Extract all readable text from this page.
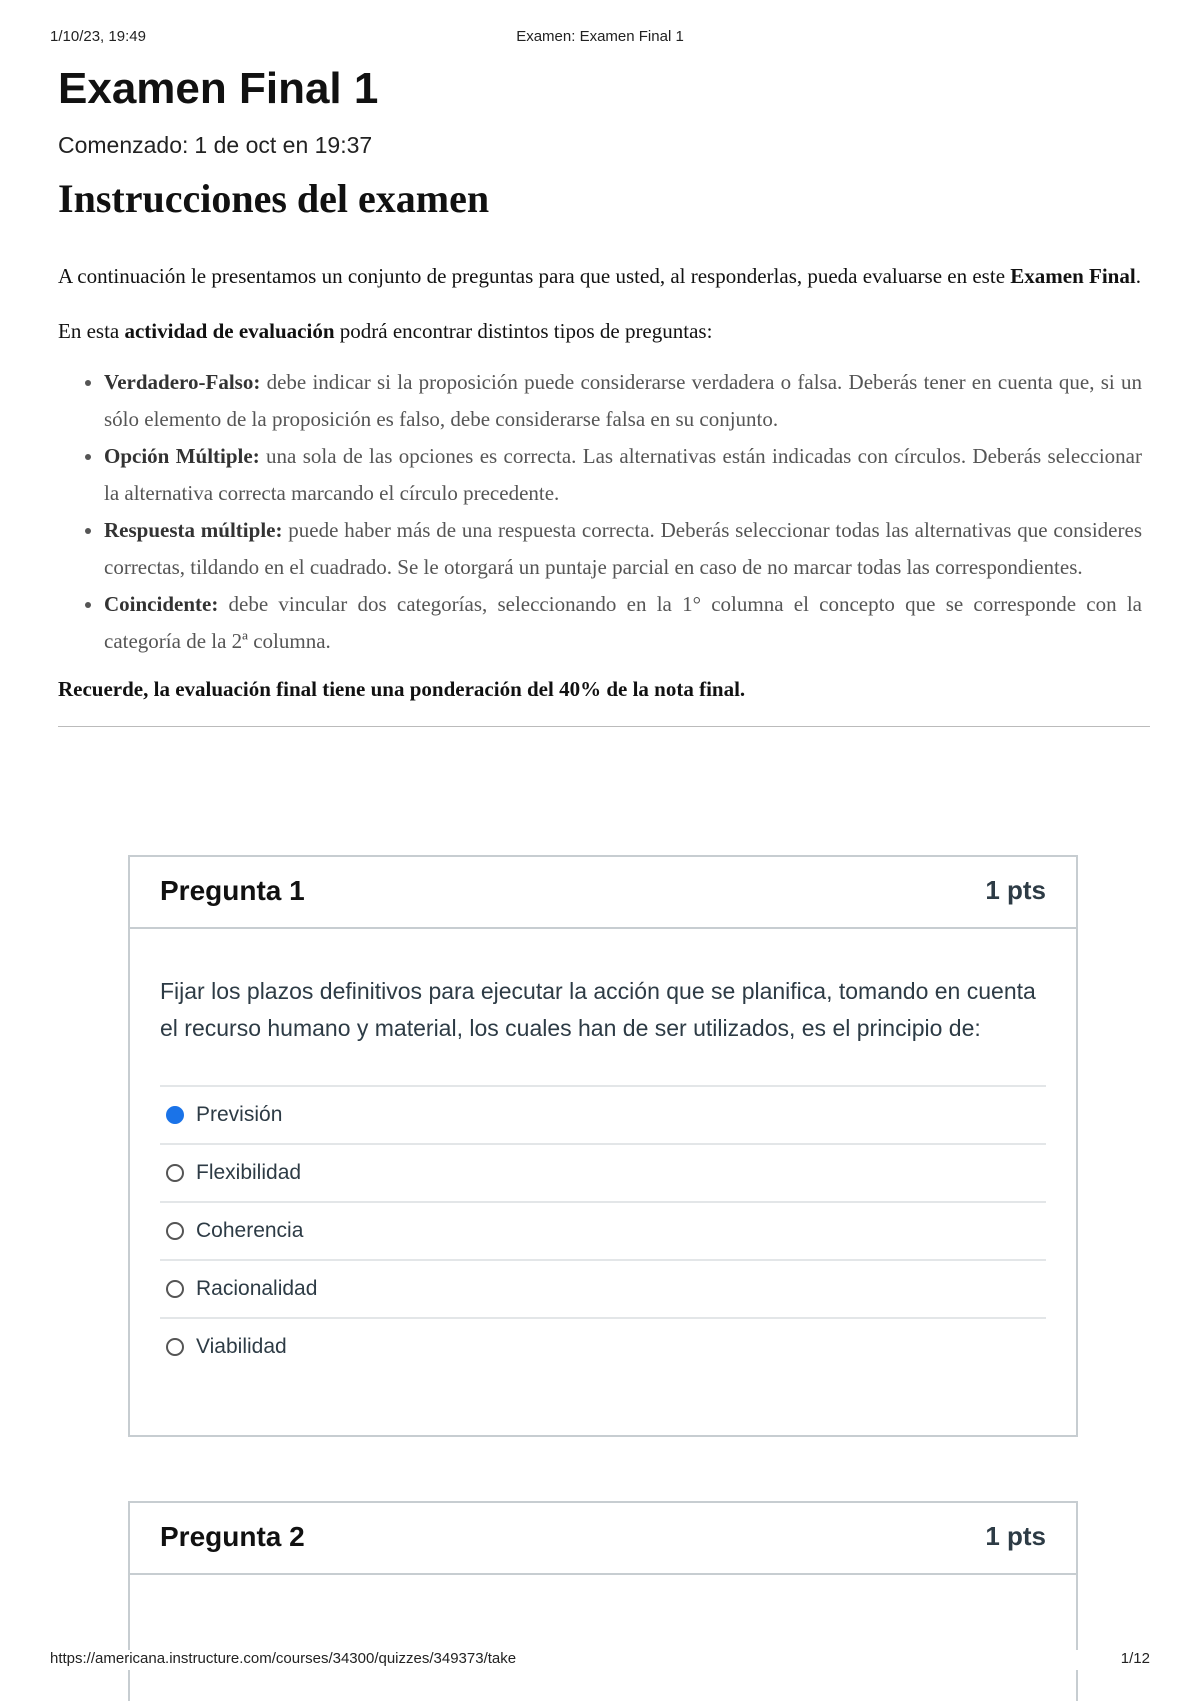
1/10/23, 19:49	Examen: Examen Final 1
Examen Final 1
Comenzado: 1 de oct en 19:37
Instrucciones del examen
A continuación le presentamos un conjunto de preguntas para que usted, al responderlas, pueda evaluarse en este Examen Final.
En esta actividad de evaluación podrá encontrar distintos tipos de preguntas:
• Verdadero-Falso: debe indicar si la proposición puede considerarse verdadera o falsa. Deberás tener en cuenta que, si un sólo elemento de la proposición es falso, debe considerarse falsa en su conjunto.
• Opción Múltiple: una sola de las opciones es correcta. Las alternativas están indicadas con círculos. Deberás seleccionar la alternativa correcta marcando el círculo precedente.
• Respuesta múltiple: puede haber más de una respuesta correcta. Deberás seleccionar todas las alternativas que consideres correctas, tildando en el cuadrado. Se le otorgará un puntaje parcial en caso de no marcar todas las correspondientes.
• Coincidente: debe vincular dos categorías, seleccionando en la 1° columna el concepto que se corresponde con la categoría de la 2ª columna.
Recuerde, la evaluación final tiene una ponderación del 40% de la nota final.
Pregunta 1	1 pts
Fijar los plazos definitivos para ejecutar la acción que se planifica, tomando en cuenta el recurso humano y material, los cuales han de ser utilizados, es el principio de:
Previsión
Flexibilidad
Coherencia
Racionalidad
Viabilidad
Pregunta 2	1 pts
https://americana.instructure.com/courses/34300/quizzes/349373/take	1/12
